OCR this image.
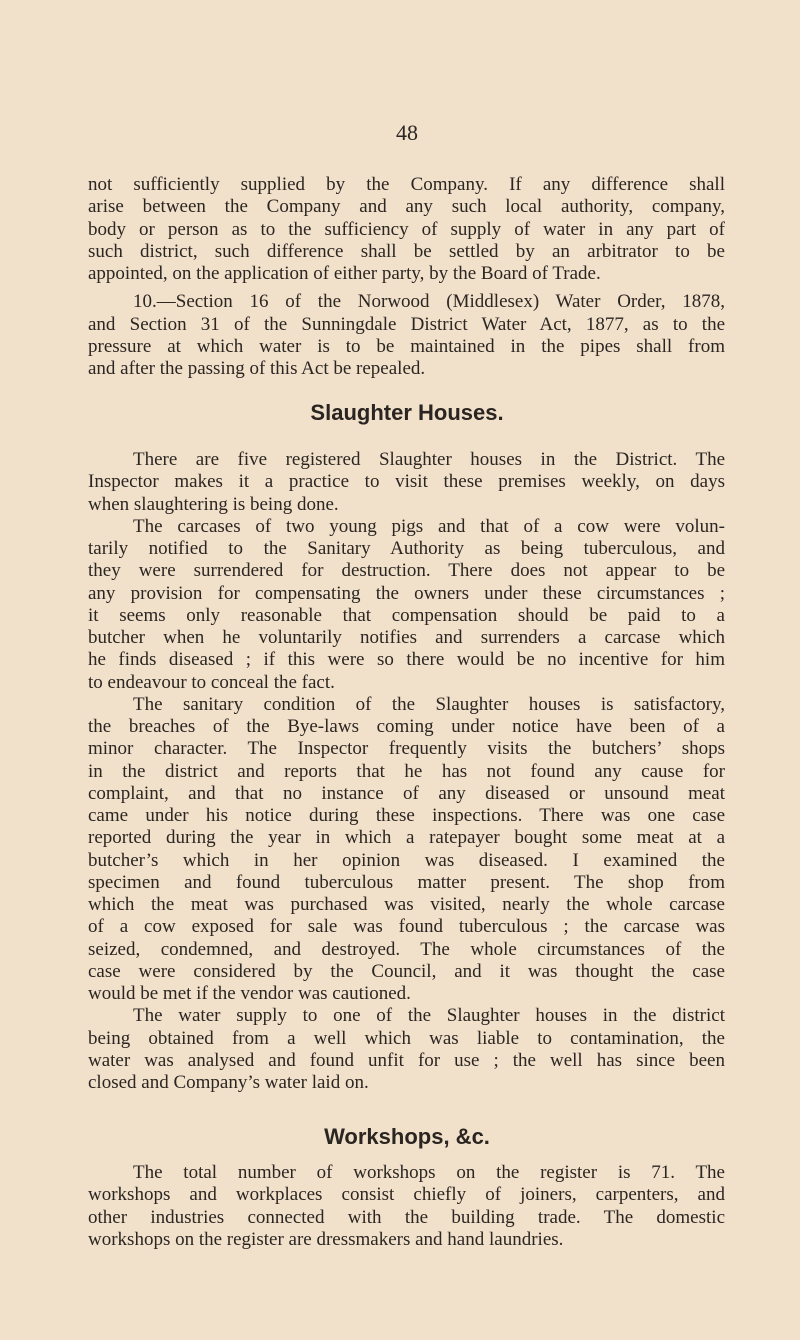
48
not sufficiently supplied by the Company. If any difference shall
arise between the Company and any such local authority, company,
body or person as to the sufficiency of supply of water in any part of
such district, such difference shall be settled by an arbitrator to be
appointed, on the application of either party, by the Board of Trade.
10.—Section 16 of the Norwood (Middlesex) Water Order, 1878,
and Section 31 of the Sunningdale District Water Act, 1877, as to the
pressure at which water is to be maintained in the pipes shall from
and after the passing of this Act be repealed.
Slaughter Houses.
There are five registered Slaughter houses in the District. The
Inspector makes it a practice to visit these premises weekly, on days
when slaughtering is being done.
The carcases of two young pigs and that of a cow were volun-
tarily notified to the Sanitary Authority as being tuberculous, and
they were surrendered for destruction. There does not appear to be
any provision for compensating the owners under these circumstances ;
it seems only reasonable that compensation should be paid to a
butcher when he voluntarily notifies and surrenders a carcase which
he finds diseased ; if this were so there would be no incentive for him
to endeavour to conceal the fact.
The sanitary condition of the Slaughter houses is satisfactory,
the breaches of the Bye-laws coming under notice have been of a
minor character. The Inspector frequently visits the butchers’ shops
in the district and reports that he has not found any cause for
complaint, and that no instance of any diseased or unsound meat
came under his notice during these inspections. There was one case
reported during the year in which a ratepayer bought some meat at a
butcher’s which in her opinion was diseased. I examined the
specimen and found tuberculous matter present. The shop from
which the meat was purchased was visited, nearly the whole carcase
of a cow exposed for sale was found tuberculous ; the carcase was
seized, condemned, and destroyed. The whole circumstances of the
case were considered by the Council, and it was thought the case
would be met if the vendor was cautioned.
The water supply to one of the Slaughter houses in the district
being obtained from a well which was liable to contamination, the
water was analysed and found unfit for use ; the well has since been
closed and Company’s water laid on.
Workshops, &c.
The total number of workshops on the register is 71. The
workshops and workplaces consist chiefly of joiners, carpenters, and
other industries connected with the building trade. The domestic
workshops on the register are dressmakers and hand laundries.
